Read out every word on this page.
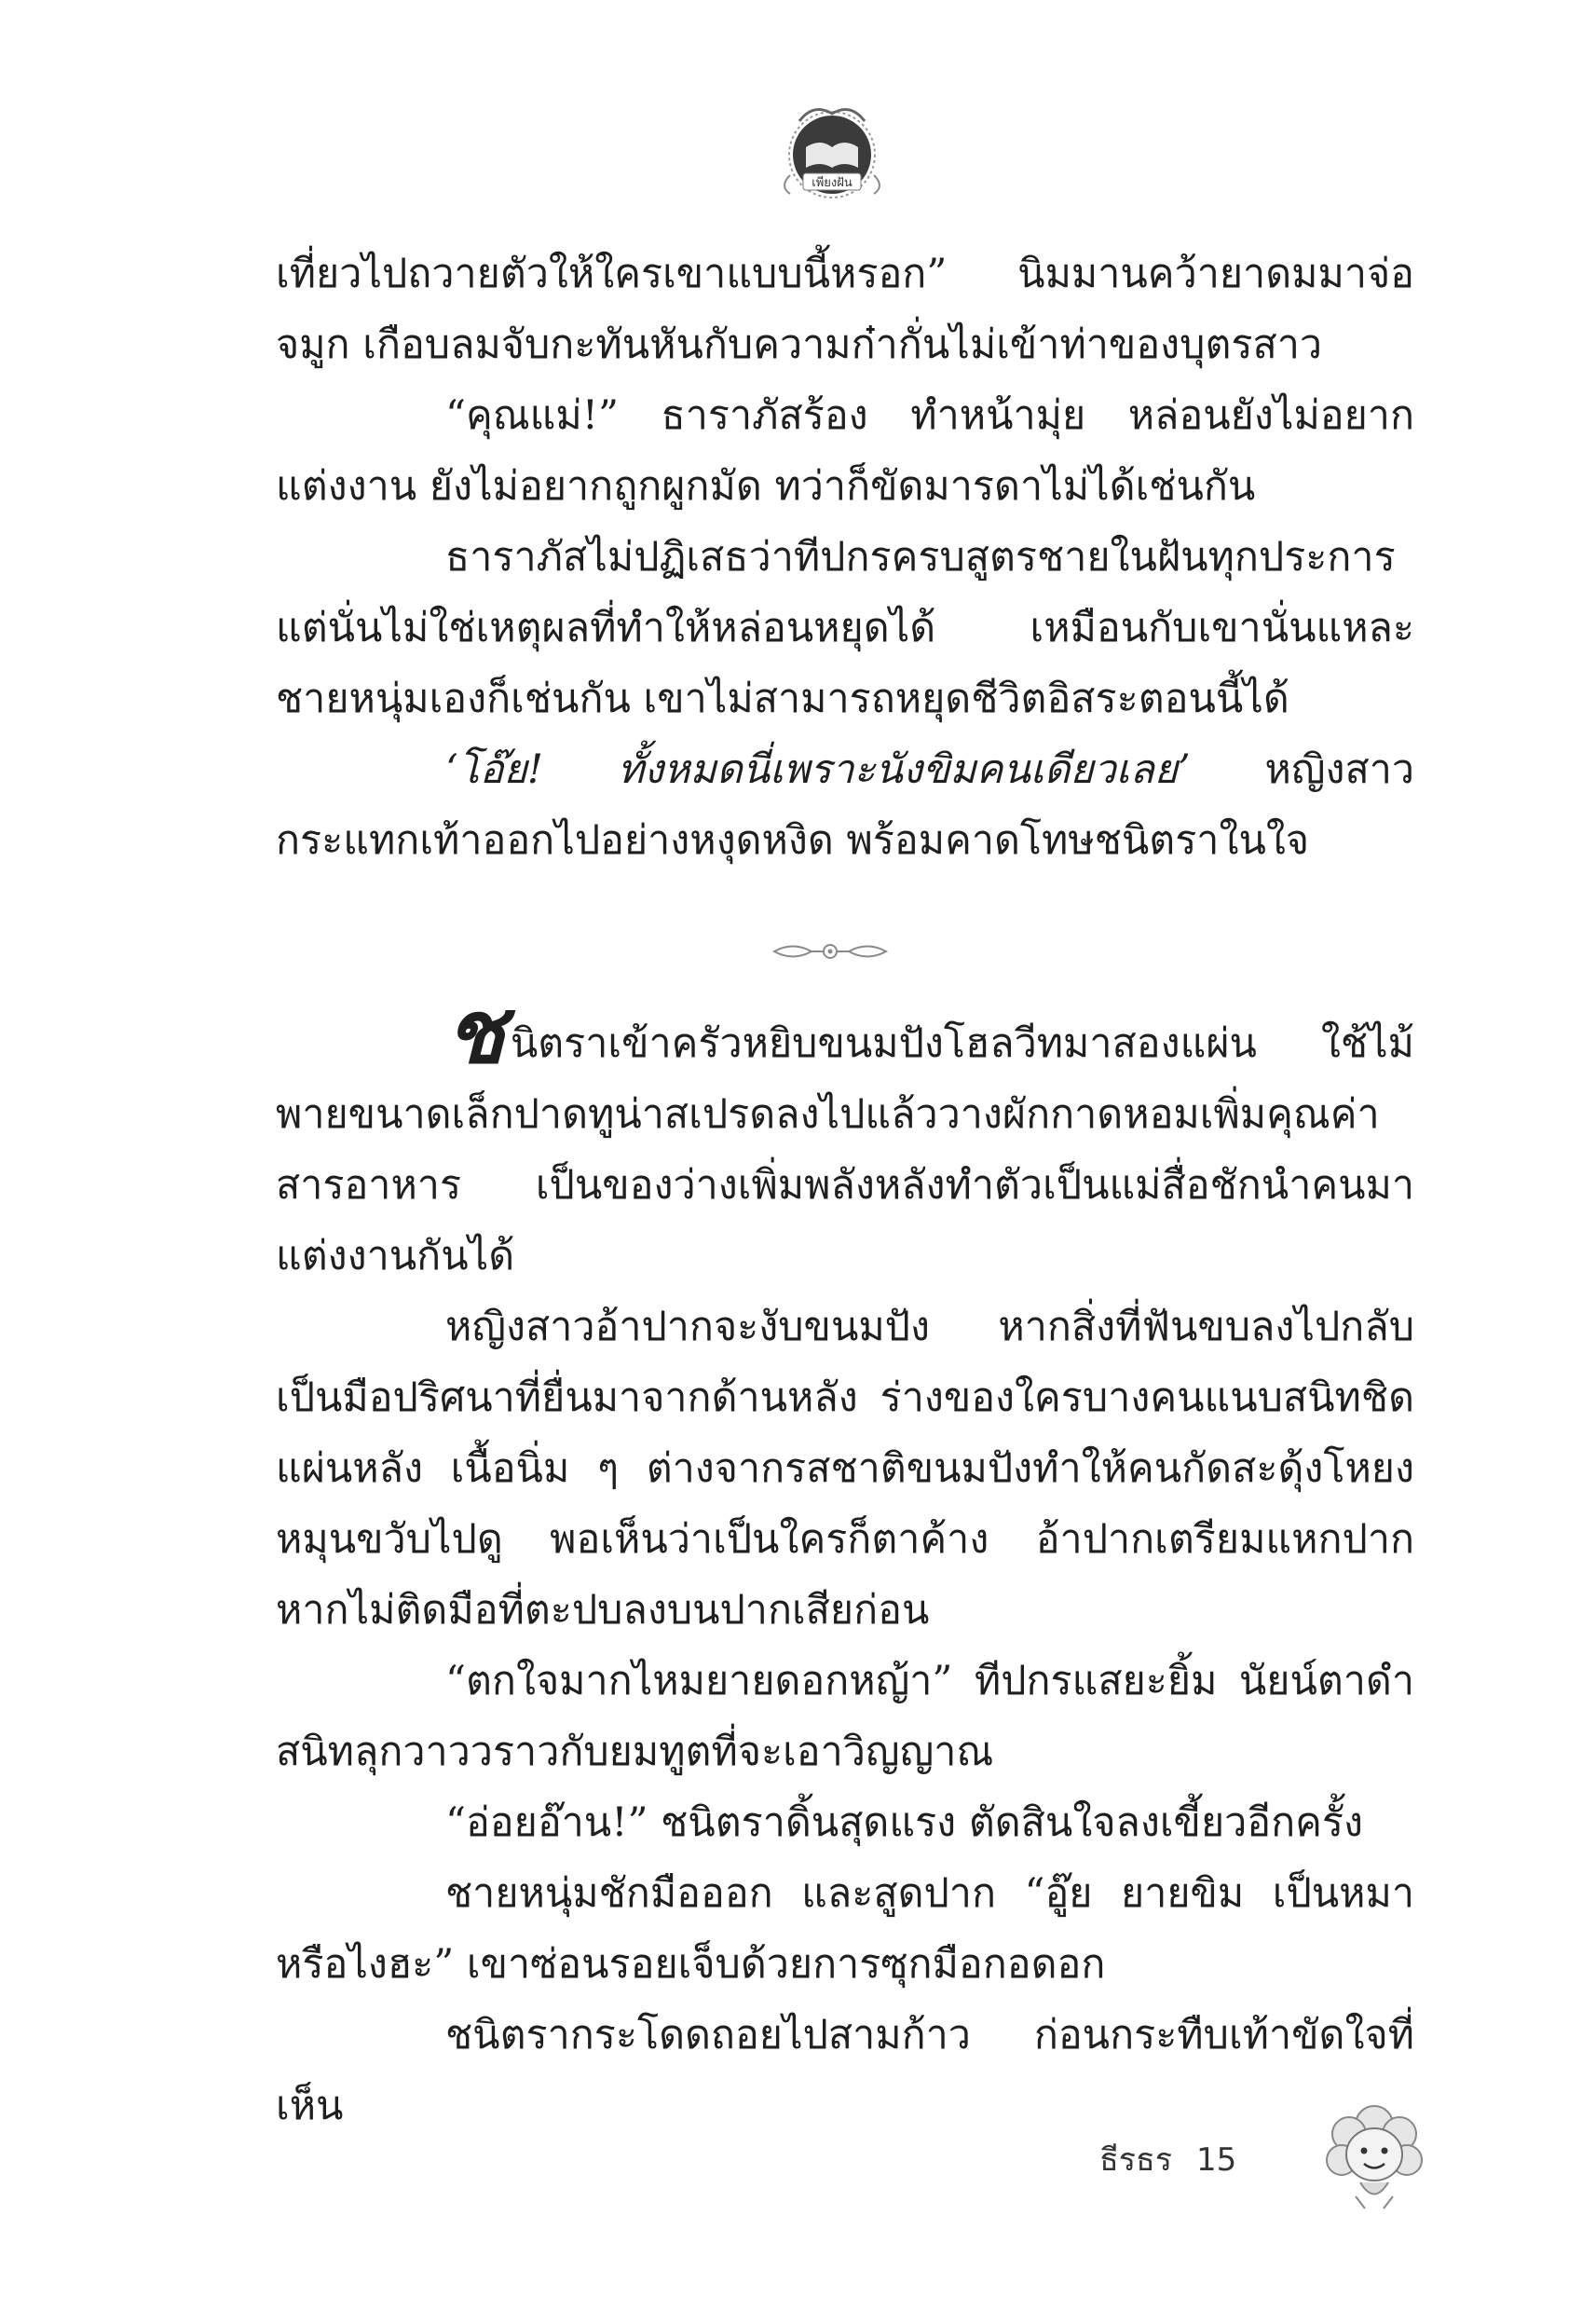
เพียงฝัน

เที่ยวไปถวายตัวให้ใครเขาแบบนี้หรอก” นิมมานคว้ายาดมมาจ่อจมูก เกือบลมจับกะทันหันกับความก๋ากั่นไม่เข้าท่าของบุตรสาว

“คุณแม่!” ธาราภัสร้อง ทำหน้ามุ่ย หล่อนยังไม่อยากแต่งงาน ยังไม่อยากถูกผูกมัด ทว่าก็ขัดมารดาไม่ได้เช่นกัน

ธาราภัสไม่ปฏิเสธว่าทีปกรครบสูตรชายในฝันทุกประการ แต่นั่นไม่ใช่เหตุผลที่ทำให้หล่อนหยุดได้ เหมือนกับเขานั่นแหละ ชายหนุ่มเองก็เช่นกัน เขาไม่สามารถหยุดชีวิตอิสระตอนนี้ได้

‘โอ๊ย! ทั้งหมดนี่เพราะนังขิมคนเดียวเลย’ หญิงสาวกระแทกเท้าออกไปอย่างหงุดหงิด พร้อมคาดโทษชนิตราในใจ

ชนิตราเข้าครัวหยิบขนมปังโฮลวีทมาสองแผ่น ใช้ไม้พายขนาดเล็กปาดทูน่าสเปรดลงไปแล้ววางผักกาดหอมเพิ่มคุณค่าสารอาหาร เป็นของว่างเพิ่มพลังหลังทำตัวเป็นแม่สื่อชักนำคนมาแต่งงานกันได้

หญิงสาวอ้าปากจะงับขนมปัง หากสิ่งที่ฟันขบลงไปกลับเป็นมือปริศนาที่ยื่นมาจากด้านหลัง ร่างของใครบางคนแนบสนิทชิดแผ่นหลัง เนื้อนิ่ม ๆ ต่างจากรสชาติขนมปังทำให้คนกัดสะดุ้งโหยงหมุนขวับไปดู พอเห็นว่าเป็นใครก็ตาค้าง อ้าปากเตรียมแหกปาก หากไม่ติดมือที่ตะปบลงบนปากเสียก่อน

“ตกใจมากไหมยายดอกหญ้า” ทีปกรแสยะยิ้ม นัยน์ตาดำสนิทลุกวาววราวกับยมทูตที่จะเอาวิญญาณ

“อ่อยอ๊าน!” ชนิตราดิ้นสุดแรง ตัดสินใจลงเขี้ยวอีกครั้ง

ชายหนุ่มชักมือออก และสูดปาก “อู๊ย ยายขิม เป็นหมาหรือไงฮะ” เขาซ่อนรอยเจ็บด้วยการซุกมือกอดอก

ชนิตรากระโดดถอยไปสามก้าว ก่อนกระทืบเท้าขัดใจที่เห็น

ธีรธร 15
